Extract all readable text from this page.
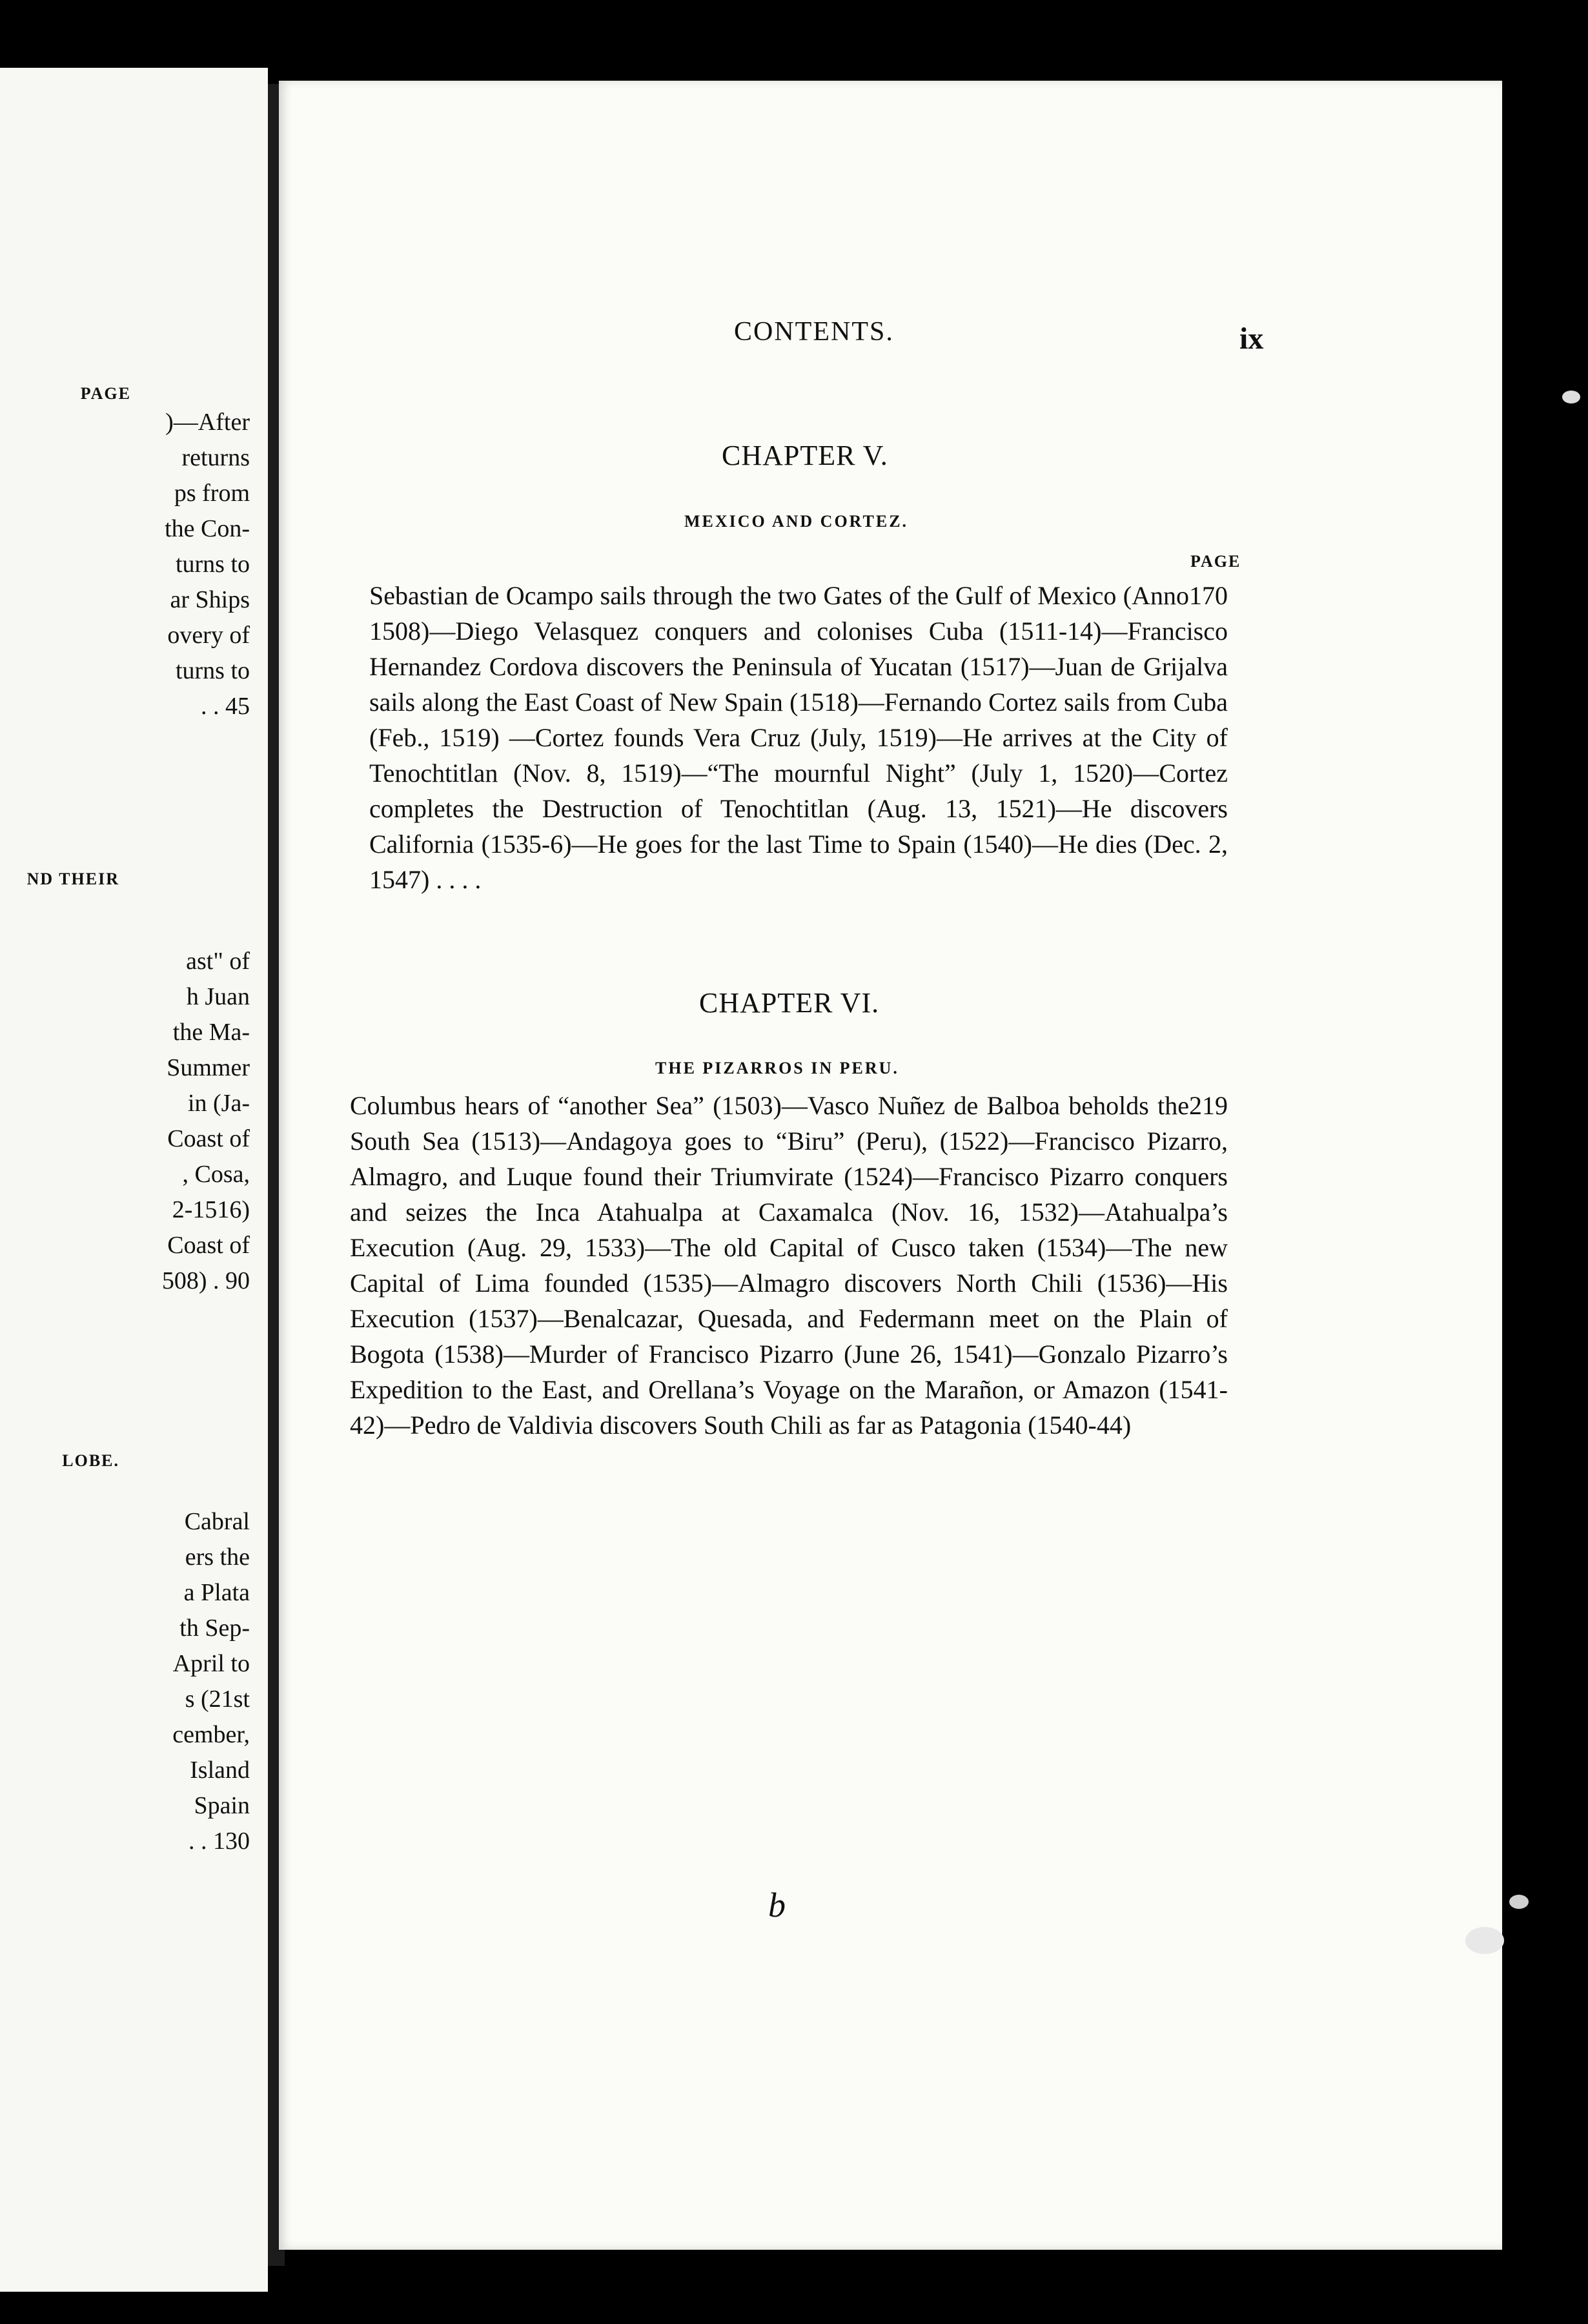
PAGE
)—After
returns
ps from
the Con-
turns to
ar Ships
overy of
turns to
. . 45
ND THEIR
ast" of
h Juan
the Ma-
Summer
in (Ja-
Coast of
, Cosa,
2-1516)
Coast of
508) . 90
LOBE.
Cabral
ers the
a Plata
th Sep-
April to
s (21st
cember,
Island
Spain
. . 130
CONTENTS.	ix
CHAPTER V.
MEXICO AND CORTEZ.
PAGE
170
Sebastian de Ocampo sails through the two Gates of the Gulf of Mexico (Anno 1508)—Diego Velasquez conquers and colonises Cuba (1511-14)—Francisco Hernandez Cordova discovers the Peninsula of Yucatan (1517)—Juan de Grijalva sails along the East Coast of New Spain (1518)—Fernando Cortez sails from Cuba (Feb., 1519) —Cortez founds Vera Cruz (July, 1519)—He arrives at the City of Tenochtitlan (Nov. 8, 1519)—“The mournful Night” (July 1, 1520)—Cortez completes the Destruction of Tenochtitlan (Aug. 13, 1521)—He discovers California (1535-6)—He goes for the last Time to Spain (1540)—He dies (Dec. 2, 1547) . . . .
CHAPTER VI.
THE PIZARROS IN PERU.
219
Columbus hears of “another Sea” (1503)—Vasco Nuñez de Balboa beholds the South Sea (1513)—Andagoya goes to “Biru” (Peru), (1522)—Francisco Pizarro, Almagro, and Luque found their Triumvirate (1524)—Francisco Pizarro conquers and seizes the Inca Atahualpa at Caxamalca (Nov. 16, 1532)—Atahualpa’s Execution (Aug. 29, 1533)—The old Capital of Cusco taken (1534)—The new Capital of Lima founded (1535)—Almagro discovers North Chili (1536)—His Execution (1537)—Benalcazar, Quesada, and Federmann meet on the Plain of Bogota (1538)—Murder of Francisco Pizarro (June 26, 1541)—Gonzalo Pizarro’s Expedition to the East, and Orellana’s Voyage on the Marañon, or Amazon (1541-42)—Pedro de Valdivia discovers South Chili as far as Patagonia (1540-44)
b
